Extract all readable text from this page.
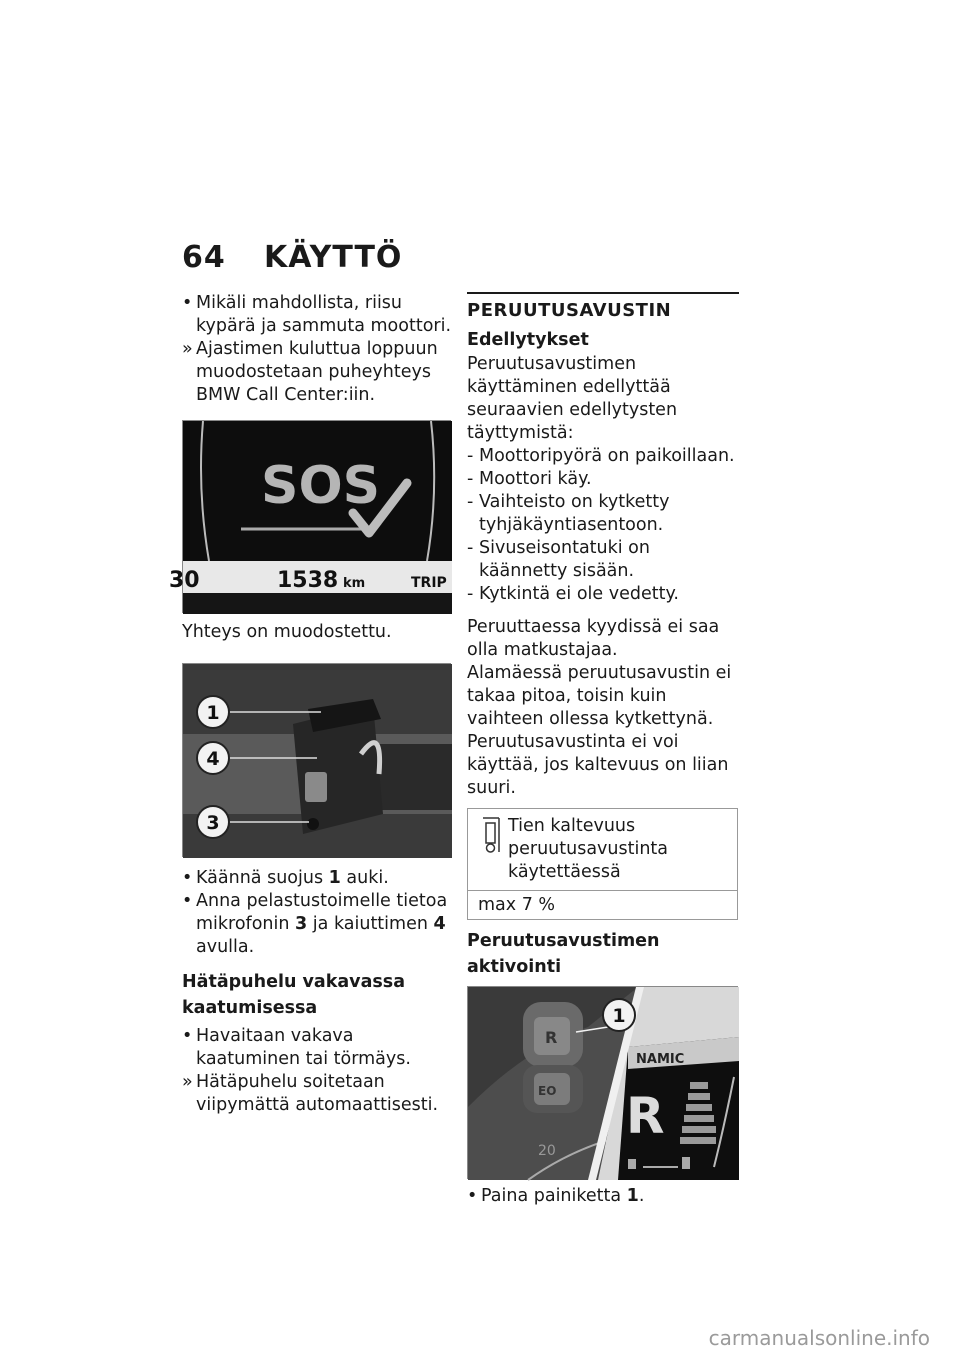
64 KÄYTTÖ
• Mikäli mahdollista, riisu kypärä ja sammuta moottori.
» Ajastimen kuluttua loppuun muodostetaan puheyhteys BMW Call Center:iin.
SOS
30	1538 km	TRIP
Yhteys on muodostettu.
1
4
3
• Käännä suojus 1 auki.
• Anna pelastustoimelle tietoa mikrofonin 3 ja kaiuttimen 4 avulla.
Hätäpuhelu vakavassa kaatumisessa
• Havaitaan vakava kaatuminen tai törmäys.
» Hätäpuhelu soitetaan viipymättä automaattisesti.
PERUUTUSAVUSTIN
Edellytykset
Peruutusavustimen käyttäminen edellyttää seuraavien edellytysten täyttymistä:
- Moottoripyörä on paikoillaan.
- Moottori käy.
- Vaihteisto on kytketty tyhjäkäyntiasentoon.
- Sivuseisontatuki on käännetty sisään.
- Kytkintä ei ole vedetty.
Peruuttaessa kyydissä ei saa olla matkustajaa.
Alamäessä peruutusavustin ei takaa pitoa, toisin kuin vaihteen ollessa kytkettynä.
Peruutusavustinta ei voi käyttää, jos kaltevuus on liian suuri.
Tien kaltevuus peruutusavustinta käytettäessä
max 7 %
Peruutusavustimen aktivointi
R
EO
20
NAMIC
R
1
• Paina painiketta 1.
carmanualsonline.info
